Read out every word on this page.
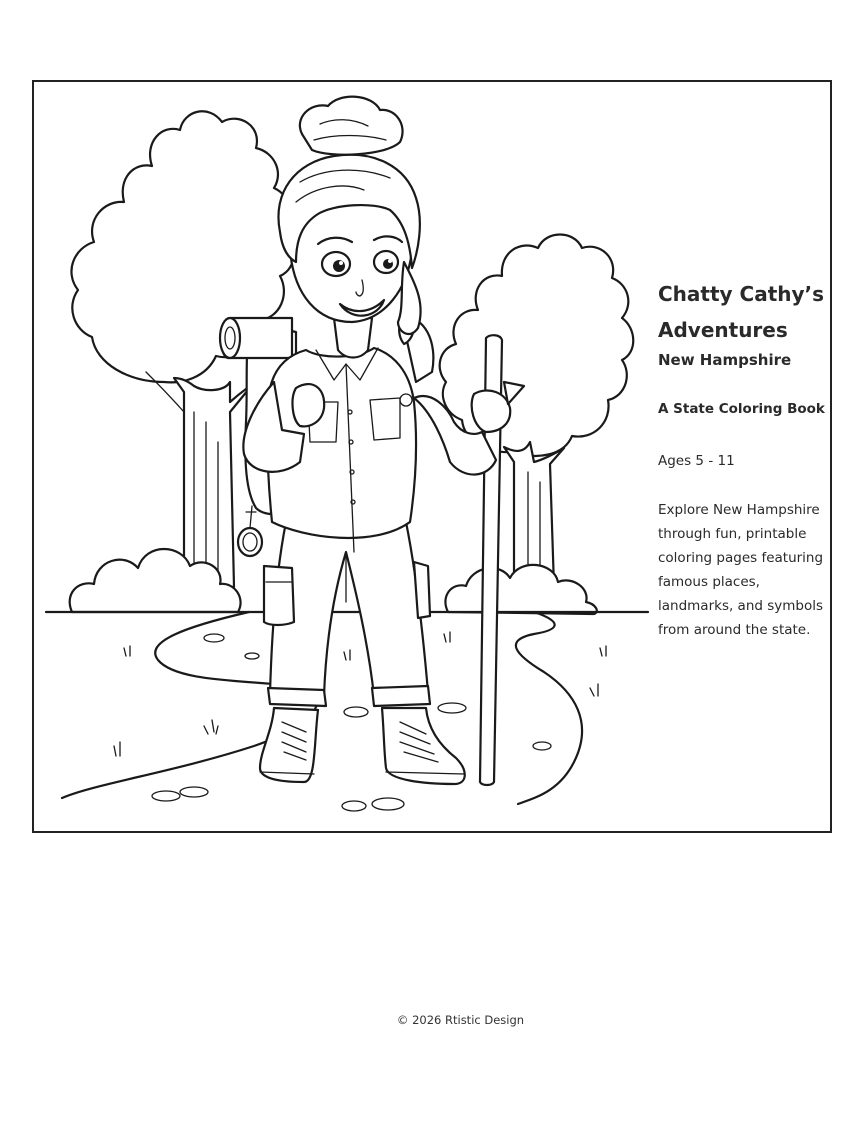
Chatty Cathy’s
Adventures
New Hampshire
A State Coloring Book
Ages 5 - 11
Explore New Hampshire through fun, printable coloring pages featuring famous places, landmarks, and symbols from around the state.
© 2026 Rtistic Design
